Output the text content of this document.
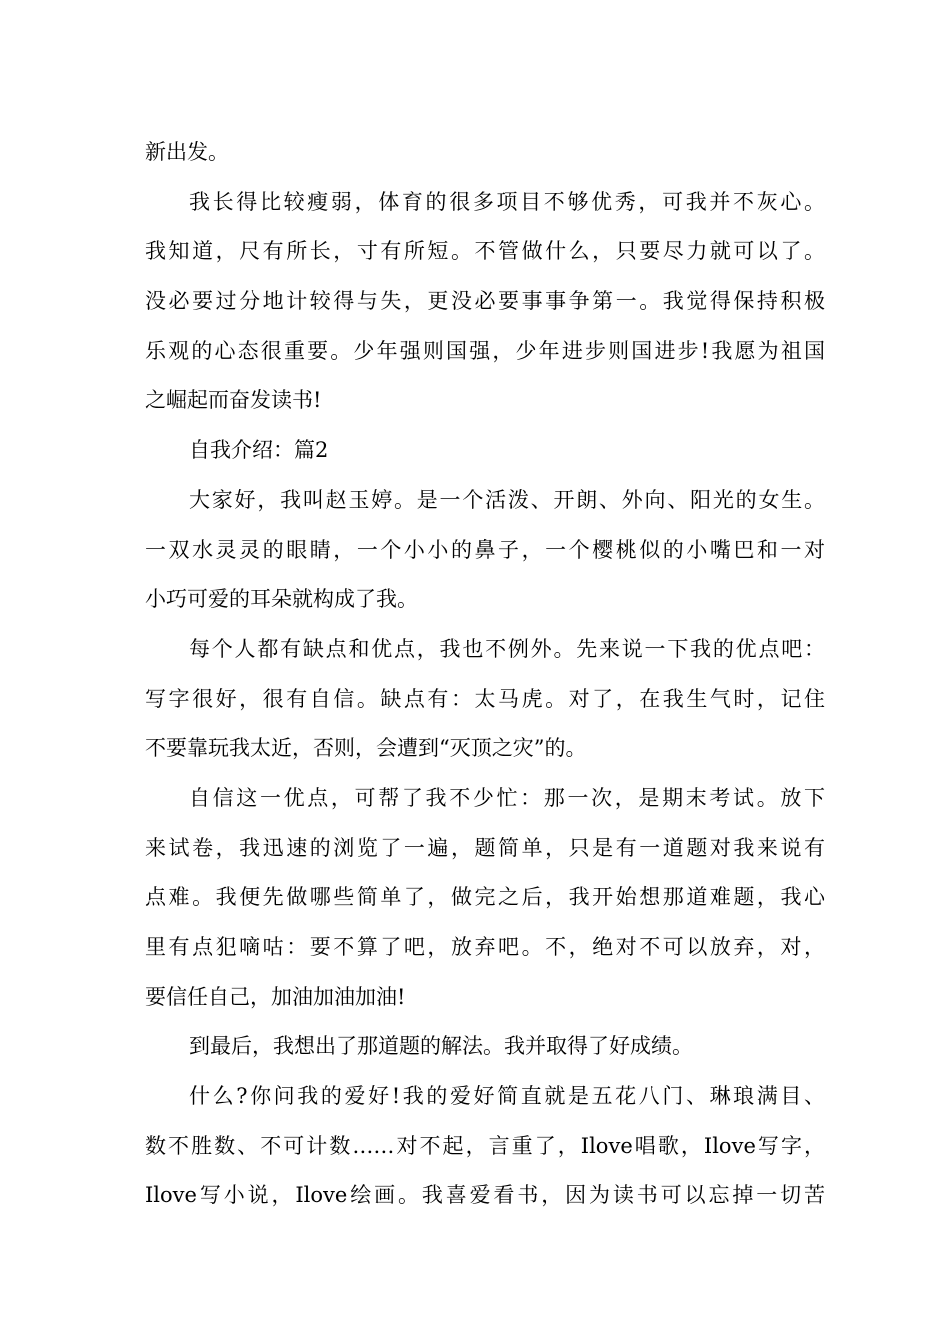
新出发。
我长得比较瘦弱，体育的很多项目不够优秀，可我并不灰心。
我知道，尺有所长，寸有所短。不管做什么，只要尽力就可以了。
没必要过分地计较得与失，更没必要事事争第一。我觉得保持积极
乐观的心态很重要。少年强则国强，少年进步则国进步!我愿为祖国
之崛起而奋发读书!
自我介绍：篇2
大家好，我叫赵玉婷。是一个活泼、开朗、外向、阳光的女生。
一双水灵灵的眼睛，一个小小的鼻子，一个樱桃似的小嘴巴和一对
小巧可爱的耳朵就构成了我。
每个人都有缺点和优点，我也不例外。先来说一下我的优点吧：
写字很好，很有自信。缺点有：太马虎。对了，在我生气时，记住
不要靠玩我太近，否则，会遭到“灭顶之灾”的。
自信这一优点，可帮了我不少忙：那一次，是期末考试。放下
来试卷，我迅速的浏览了一遍，题简单，只是有一道题对我来说有
点难。我便先做哪些简单了，做完之后，我开始想那道难题，我心
里有点犯嘀咕：要不算了吧，放弃吧。不，绝对不可以放弃，对，
要信任自己，加油加油加油!
到最后，我想出了那道题的解法。我并取得了好成绩。
什么?你问我的爱好!我的爱好简直就是五花八门、琳琅满目、
数不胜数、不可计数……对不起，言重了，Ilove唱歌，Ilove写字，
Ilove写小说，Ilove绘画。我喜爱看书，因为读书可以忘掉一切苦
